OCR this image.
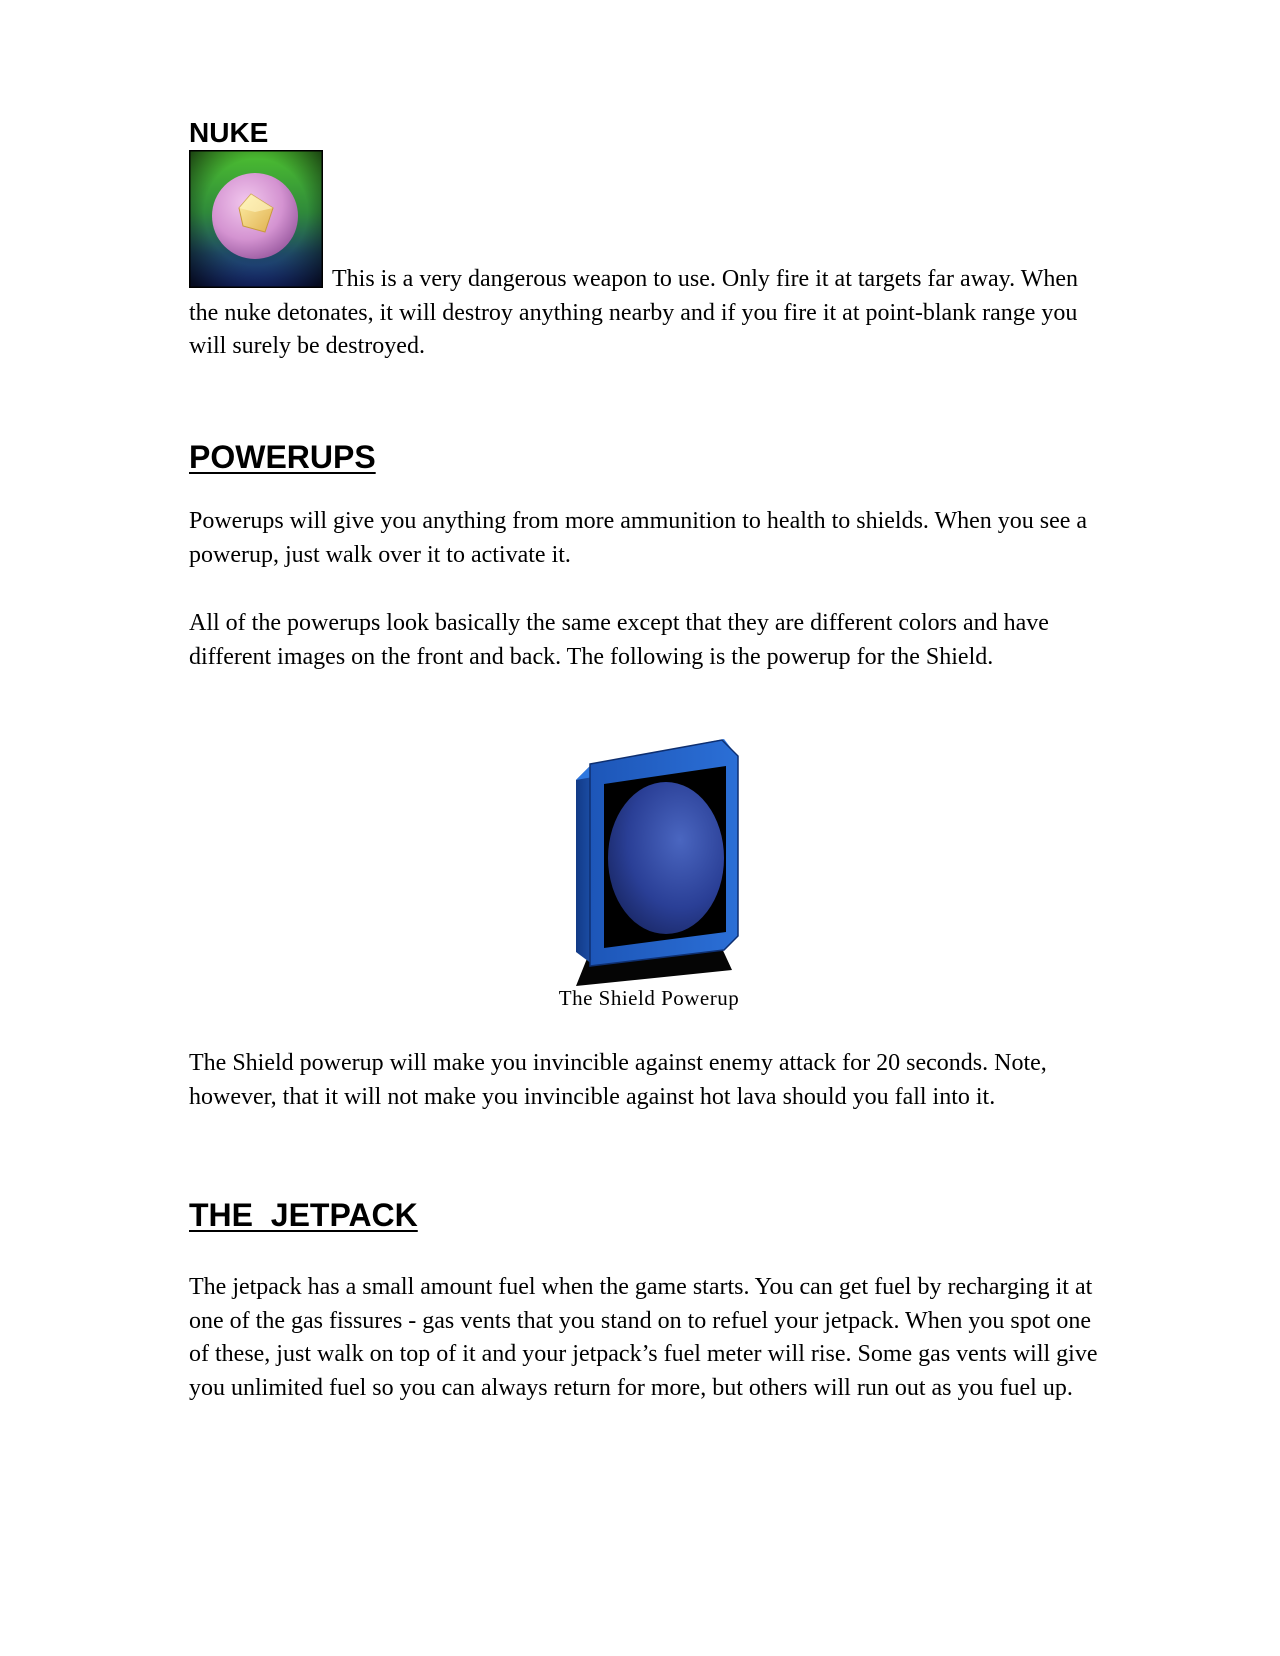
NUKE

This is a very dangerous weapon to use. Only fire it at targets far away. When the nuke detonates, it will destroy anything nearby and if you fire it at point-blank range you will surely be destroyed.

POWERUPS

Powerups will give you anything from more ammunition to health to shields. When you see a powerup, just walk over it to activate it.

All of the powerups look basically the same except that they are different colors and have different images on the front and back. The following is the powerup for the Shield.

The Shield Powerup

The Shield powerup will make you invincible against enemy attack for 20 seconds. Note, however, that it will not make you invincible against hot lava should you fall into it.

THE  JETPACK

The jetpack has a small amount fuel when the game starts. You can get fuel by recharging it at one of the gas fissures - gas vents that you stand on to refuel your jetpack. When you spot one of these, just walk on top of it and your jetpack’s fuel meter will rise. Some gas vents will give you unlimited fuel so you can always return for more, but others will run out as you fuel up.
